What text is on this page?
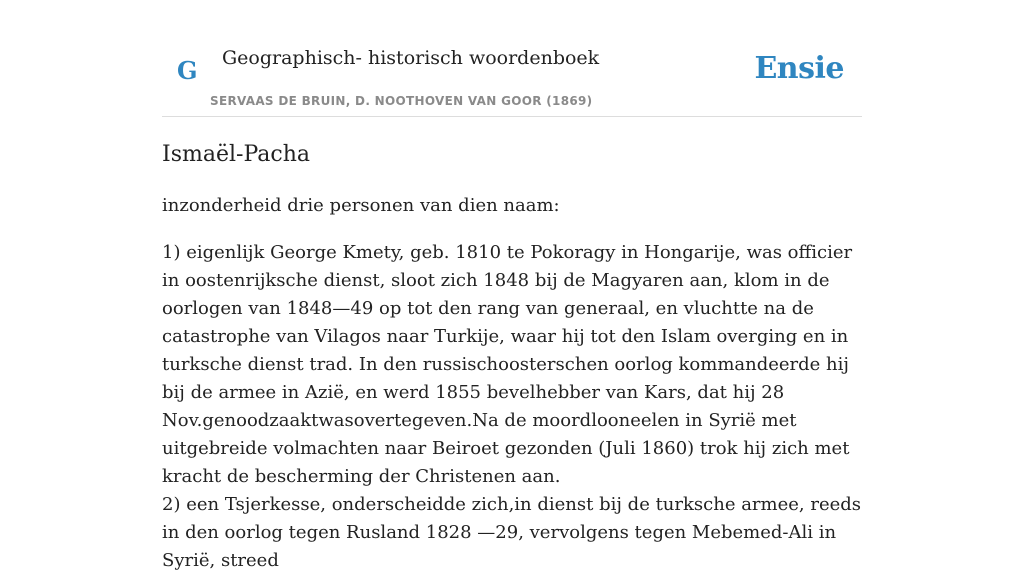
G Geographisch- historisch woordenboek
SERVAAS DE BRUIN, D. NOOTHOVEN VAN GOOR (1869)
Ensie
Ismaël-Pacha

inzonderheid drie personen van dien naam:

1) eigenlijk George Kmety, geb. 1810 te Pokoragy in Hongarije, was officier in oostenrijksche dienst, sloot zich 1848 bij de Magyaren aan, klom in de oorlogen van 1848—49 op tot den rang van generaal, en vluchtte na de catastrophe van Vilagos naar Turkije, waar hij tot den Islam overging en in turksche dienst trad. In den russischoosterschen oorlog kommandeerde hij bij de armee in Azië, en werd 1855 bevelhebber van Kars, dat hij 28 Nov.genoodzaaktwasovertegeven.Na de moordlooneelen in Syrië met uitgebreide volmachten naar Beiroet gezonden (Juli 1860) trok hij zich met kracht de bescherming der Christenen aan.

2) een Tsjerkesse, onderscheidde zich,in dienst bij de turksche armee, reeds in den oorlog tegen Rusland 1828 —29, vervolgens tegen Mebemed-Ali in Syrië, streed
